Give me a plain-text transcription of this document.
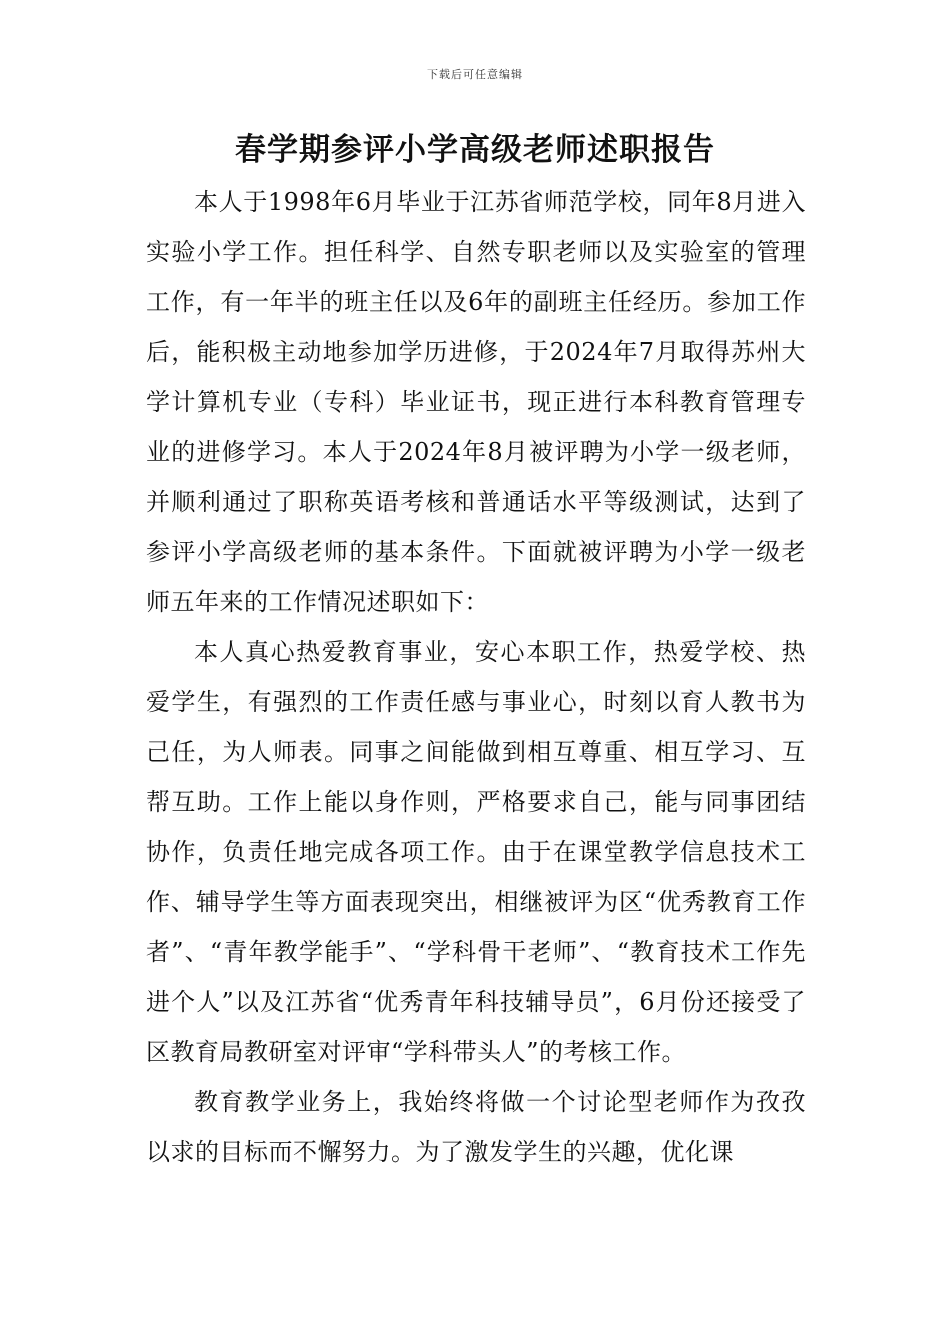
下载后可任意编辑
春学期参评小学高级老师述职报告

本人于1998年6月毕业于江苏省师范学校，同年8月进入实验小学工作。担任科学、自然专职老师以及实验室的管理工作，有一年半的班主任以及6年的副班主任经历。参加工作后，能积极主动地参加学历进修，于2024年7月取得苏州大学计算机专业（专科）毕业证书，现正进行本科教育管理专业的进修学习。本人于2024年8月被评聘为小学一级老师，并顺利通过了职称英语考核和普通话水平等级测试，达到了参评小学高级老师的基本条件。下面就被评聘为小学一级老师五年来的工作情况述职如下：

本人真心热爱教育事业，安心本职工作，热爱学校、热爱学生，有强烈的工作责任感与事业心，时刻以育人教书为己任，为人师表。同事之间能做到相互尊重、相互学习、互帮互助。工作上能以身作则，严格要求自己，能与同事团结协作，负责任地完成各项工作。由于在课堂教学信息技术工作、辅导学生等方面表现突出，相继被评为区“优秀教育工作者”、“青年教学能手”、“学科骨干老师”、“教育技术工作先进个人”以及江苏省“优秀青年科技辅导员”，6月份还接受了区教育局教研室对评审“学科带头人”的考核工作。

教育教学业务上，我始终将做一个讨论型老师作为孜孜以求的目标而不懈努力。为了激发学生的兴趣，优化课
